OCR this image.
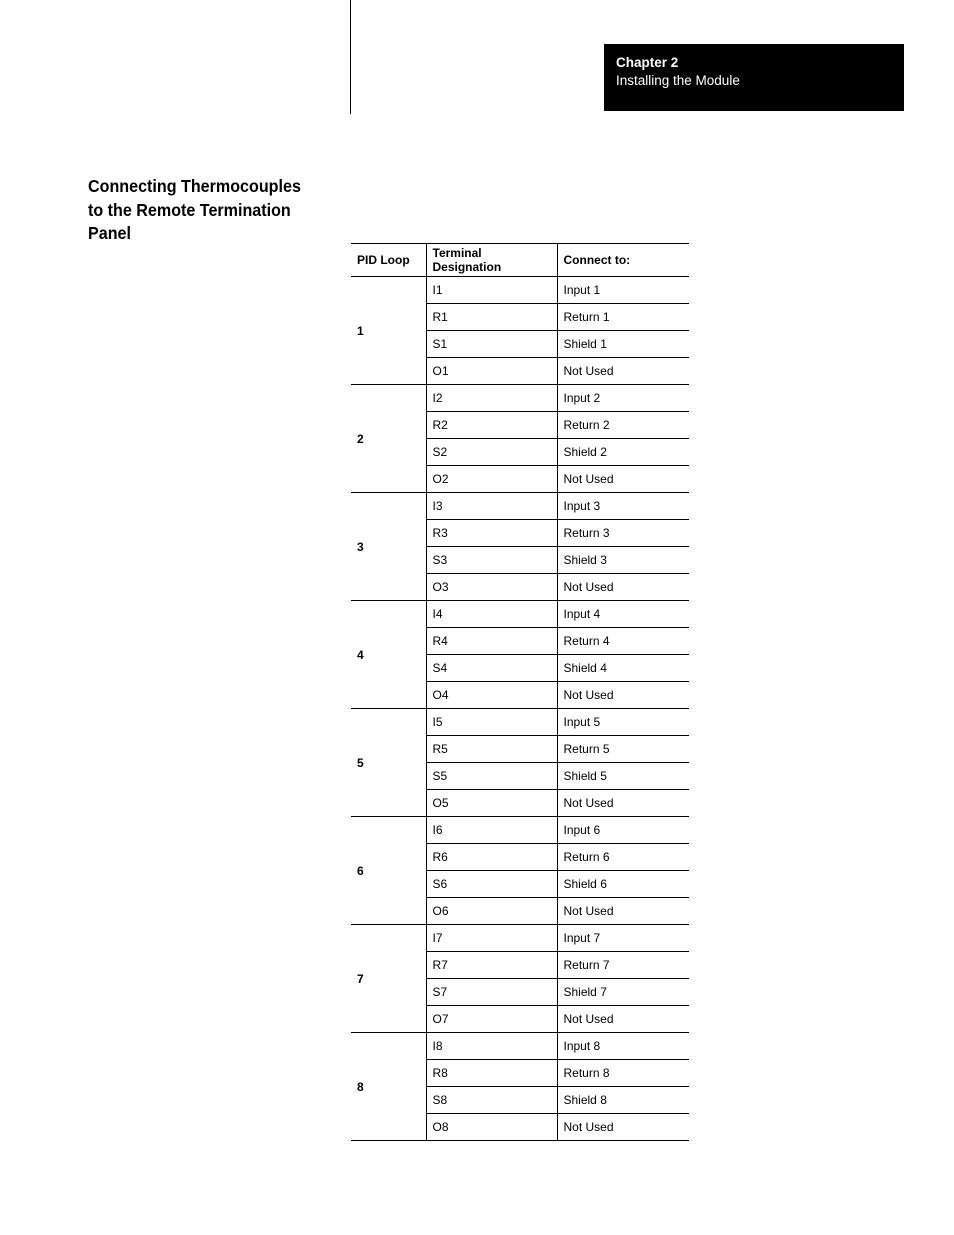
Chapter 2
Installing the Module
Connecting Thermocouples
to the Remote Termination
Panel
PID Loop	Terminal Designation	Connect to:
1	I1	Input 1
	R1	Return 1
	S1	Shield 1
	O1	Not Used
2	I2	Input 2
	R2	Return 2
	S2	Shield 2
	O2	Not Used
3	I3	Input 3
	R3	Return 3
	S3	Shield 3
	O3	Not Used
4	I4	Input 4
	R4	Return 4
	S4	Shield 4
	O4	Not Used
5	I5	Input 5
	R5	Return 5
	S5	Shield 5
	O5	Not Used
6	I6	Input 6
	R6	Return 6
	S6	Shield 6
	O6	Not Used
7	I7	Input 7
	R7	Return 7
	S7	Shield 7
	O7	Not Used
8	I8	Input 8
	R8	Return 8
	S8	Shield 8
	O8	Not Used
